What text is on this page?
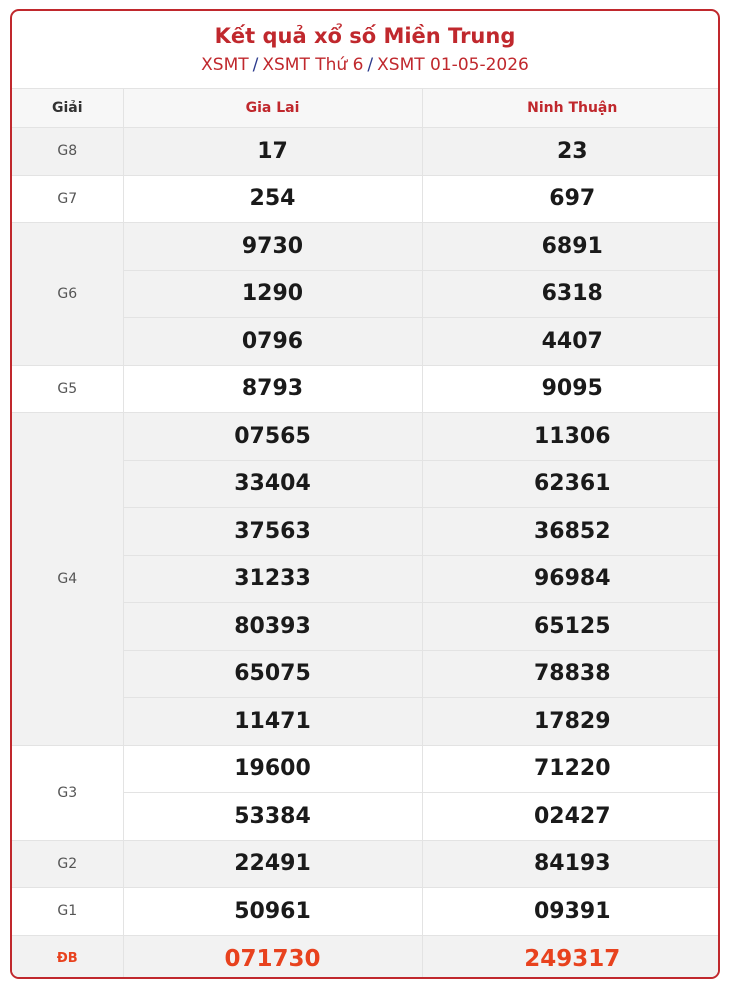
Kết quả xổ số Miền Trung
XSMT / XSMT Thứ 6 / XSMT 01-05-2026
Giải	Gia Lai	Ninh Thuận
G8	17	23
G7	254	697
G6	9730	6891
	1290	6318
	0796	4407
G5	8793	9095
G4	07565	11306
	33404	62361
	37563	36852
	31233	96984
	80393	65125
	65075	78838
	11471	17829
G3	19600	71220
	53384	02427
G2	22491	84193
G1	50961	09391
ĐB	071730	249317
